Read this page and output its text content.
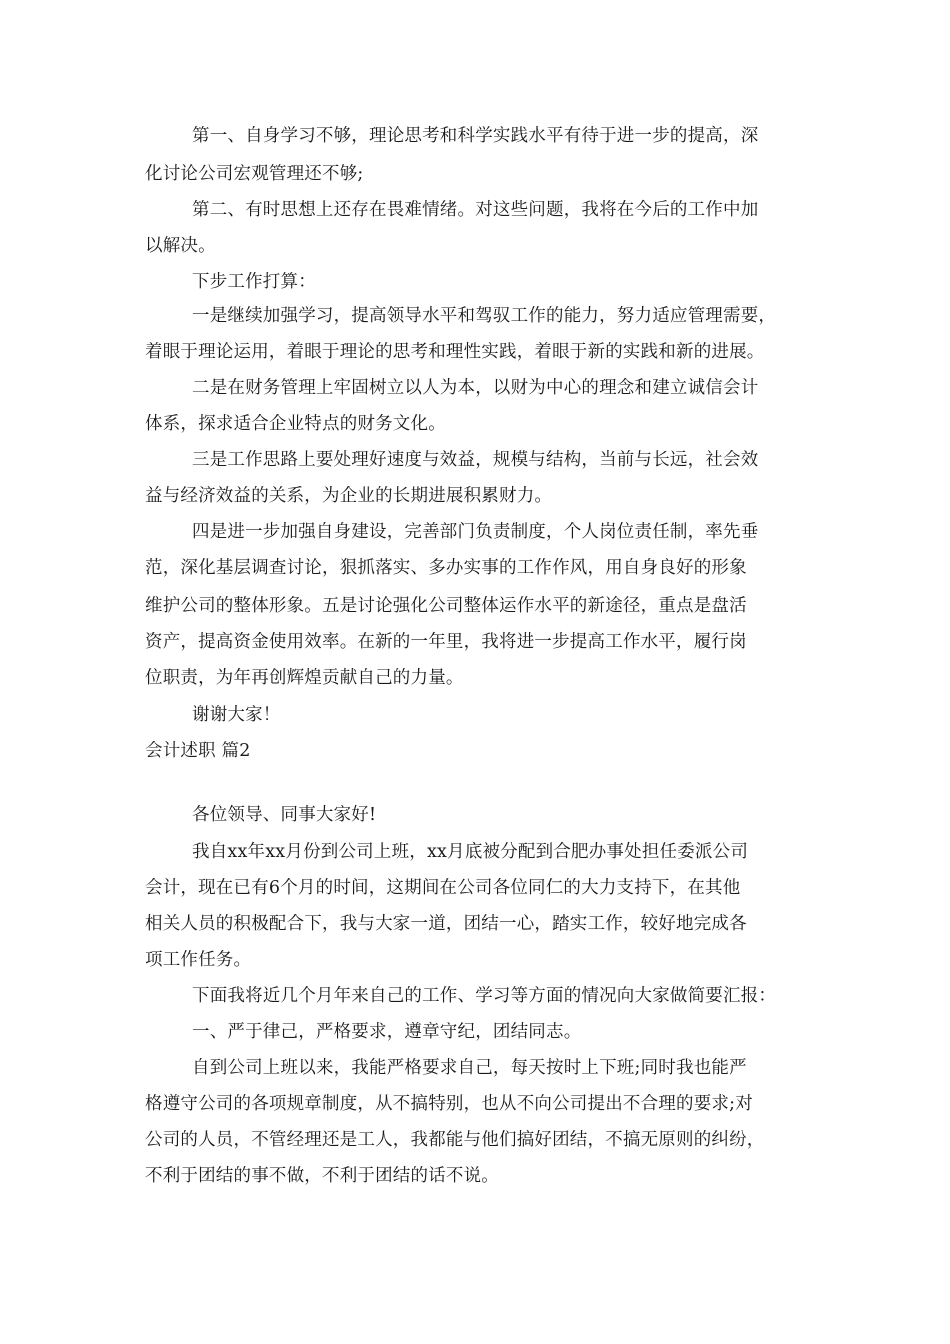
第一、自身学习不够，理论思考和科学实践水平有待于进一步的提高，深
化讨论公司宏观管理还不够;
第二、有时思想上还存在畏难情绪。对这些问题，我将在今后的工作中加
以解决。
下步工作打算：
一是继续加强学习，提高领导水平和驾驭工作的能力，努力适应管理需要，
着眼于理论运用，着眼于理论的思考和理性实践，着眼于新的实践和新的进展。
二是在财务管理上牢固树立以人为本，以财为中心的理念和建立诚信会计
体系，探求适合企业特点的财务文化。
三是工作思路上要处理好速度与效益，规模与结构，当前与长远，社会效
益与经济效益的关系，为企业的长期进展积累财力。
四是进一步加强自身建设，完善部门负责制度，个人岗位责任制，率先垂
范，深化基层调查讨论，狠抓落实、多办实事的工作作风，用自身良好的形象
维护公司的整体形象。五是讨论强化公司整体运作水平的新途径，重点是盘活
资产，提高资金使用效率。在新的一年里，我将进一步提高工作水平，履行岗
位职责，为年再创辉煌贡献自己的力量。
谢谢大家！
会计述职 篇2
各位领导、同事大家好!
我自xx年xx月份到公司上班，xx月底被分配到合肥办事处担任委派公司
会计，现在已有6个月的时间，这期间在公司各位同仁的大力支持下，在其他
相关人员的积极配合下，我与大家一道，团结一心，踏实工作，较好地完成各
项工作任务。
下面我将近几个月年来自己的工作、学习等方面的情况向大家做简要汇报：
一、严于律己，严格要求，遵章守纪，团结同志。
自到公司上班以来，我能严格要求自己，每天按时上下班;同时我也能严
格遵守公司的各项规章制度，从不搞特别，也从不向公司提出不合理的要求;对
公司的人员，不管经理还是工人，我都能与他们搞好团结，不搞无原则的纠纷，
不利于团结的事不做，不利于团结的话不说。
